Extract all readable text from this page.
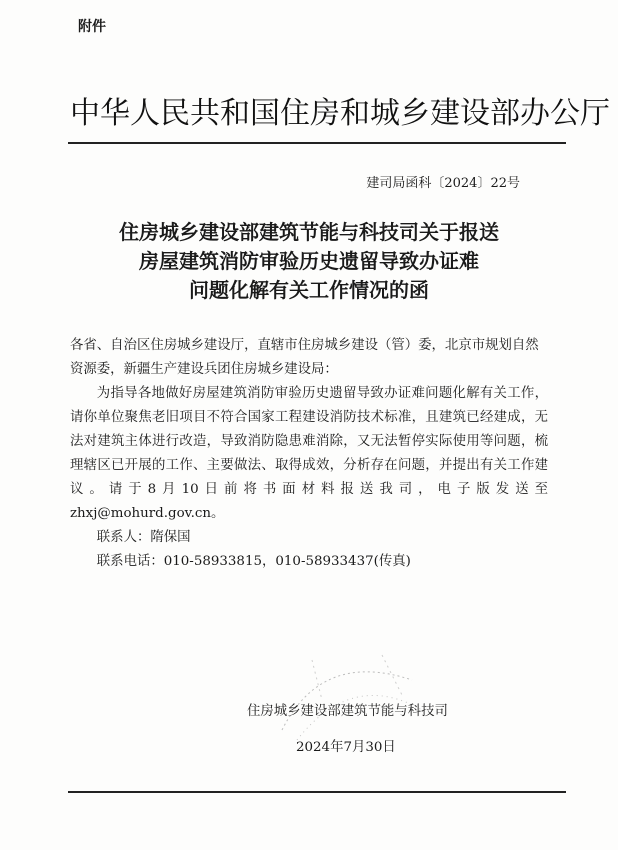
附件
中华人民共和国住房和城乡建设部办公厅
建司局函科〔2024〕22号
住房城乡建设部建筑节能与科技司关于报送
房屋建筑消防审验历史遗留导致办证难
问题化解有关工作情况的函
各省、自治区住房城乡建设厅，直辖市住房城乡建设（管）委，北京市规划自然资源委，新疆生产建设兵团住房城乡建设局：
为指导各地做好房屋建筑消防审验历史遗留导致办证难问题化解有关工作，请你单位聚焦老旧项目不符合国家工程建设消防技术标准，且建筑已经建成，无法对建筑主体进行改造，导致消防隐患难消除，又无法暂停实际使用等问题，梳理辖区已开展的工作、主要做法、取得成效，分析存在问题，并提出有关工作建议。请于8月10日前将书面材料报送我司，电子版发送至zhxj@mohurd.gov.cn。
联系人：隋保国
联系电话：010-58933815，010-58933437(传真)
住房城乡建设部建筑节能与科技司
2024年7月30日
